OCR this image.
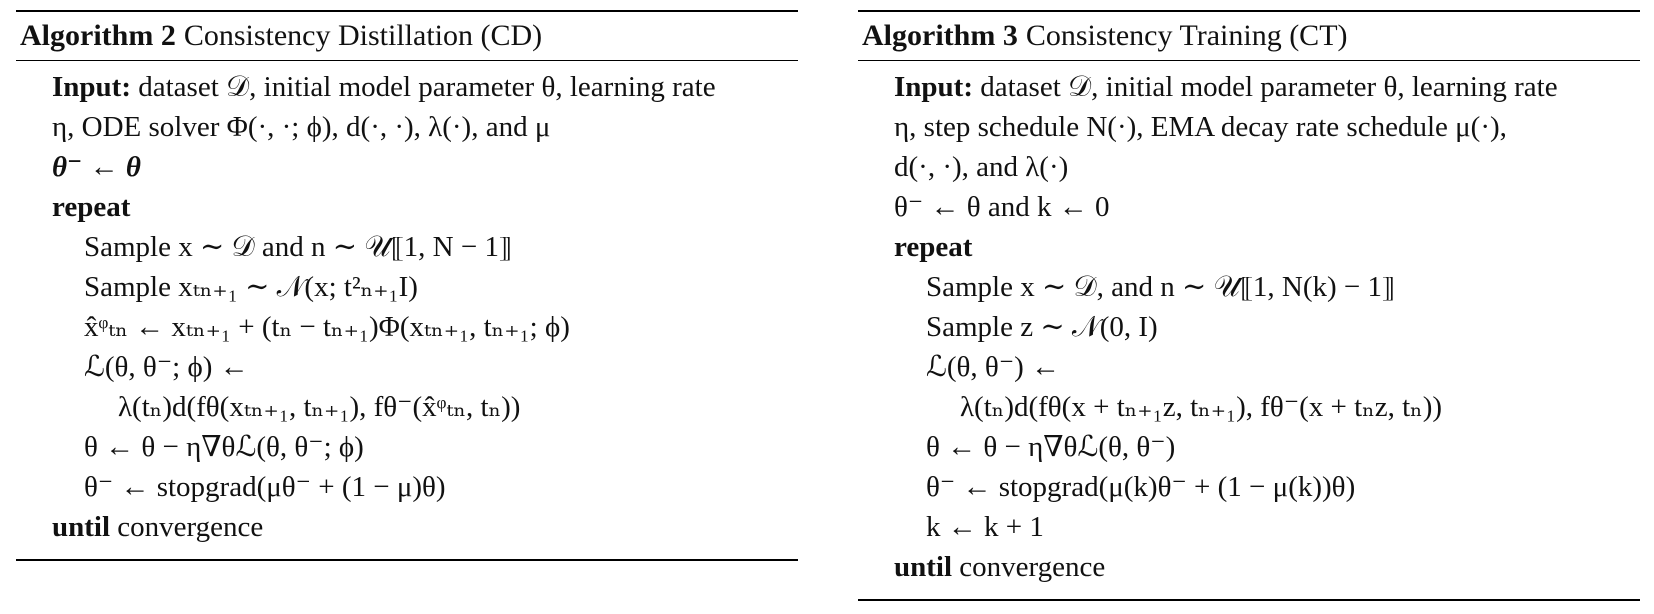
Algorithm 2 Consistency Distillation (CD)
Input: dataset 𝒟, initial model parameter θ, learning rate
η, ODE solver Φ(·, ·; ϕ), d(·, ·), λ(·), and μ
θ⁻ ← θ
repeat
Sample x ∼ 𝒟 and n ∼ 𝒰⟦1, N − 1⟧
Sample xₜₙ₊₁ ∼ 𝒩(x; t²ₙ₊₁I)
x̂ᵠₜₙ ← xₜₙ₊₁ + (tₙ − tₙ₊₁)Φ(xₜₙ₊₁, tₙ₊₁; ϕ)
ℒ(θ, θ⁻; ϕ) ←
λ(tₙ)d(fθ(xₜₙ₊₁, tₙ₊₁), fθ⁻(x̂ᵠₜₙ, tₙ))
θ ← θ − η∇θℒ(θ, θ⁻; ϕ)
θ⁻ ← stopgrad(μθ⁻ + (1 − μ)θ)
until convergence
Algorithm 3 Consistency Training (CT)
Input: dataset 𝒟, initial model parameter θ, learning rate
η, step schedule N(·), EMA decay rate schedule μ(·),
d(·, ·), and λ(·)
θ⁻ ← θ and k ← 0
repeat
Sample x ∼ 𝒟, and n ∼ 𝒰⟦1, N(k) − 1⟧
Sample z ∼ 𝒩(0, I)
ℒ(θ, θ⁻) ←
λ(tₙ)d(fθ(x + tₙ₊₁z, tₙ₊₁), fθ⁻(x + tₙz, tₙ))
θ ← θ − η∇θℒ(θ, θ⁻)
θ⁻ ← stopgrad(μ(k)θ⁻ + (1 − μ(k))θ)
k ← k + 1
until convergence
